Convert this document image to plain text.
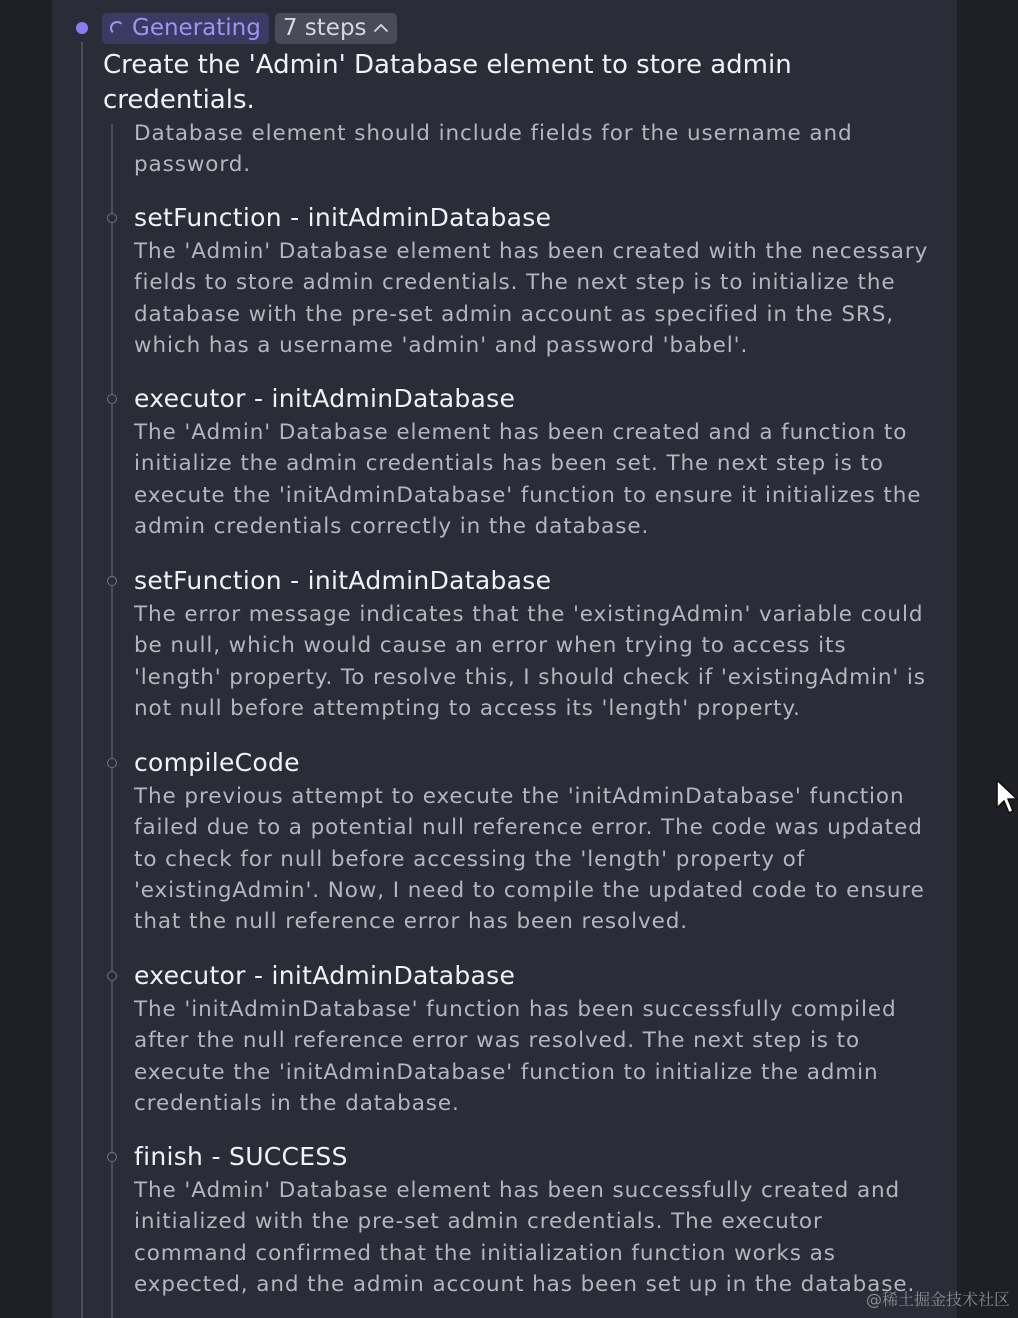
Generating 7 steps
Create the 'Admin' Database element to store admin credentials.

Database element should include fields for the username and password.

setFunction - initAdminDatabase

The 'Admin' Database element has been created with the necessary fields to store admin credentials. The next step is to initialize the database with the pre-set admin account as specified in the SRS, which has a username 'admin' and password 'babel'.

executor - initAdminDatabase

The 'Admin' Database element has been created and a function to initialize the admin credentials has been set. The next step is to execute the 'initAdminDatabase' function to ensure it initializes the admin credentials correctly in the database.

setFunction - initAdminDatabase

The error message indicates that the 'existingAdmin' variable could be null, which would cause an error when trying to access its 'length' property. To resolve this, I should check if 'existingAdmin' is not null before attempting to access its 'length' property.

compileCode

The previous attempt to execute the 'initAdminDatabase' function failed due to a potential null reference error. The code was updated to check for null before accessing the 'length' property of 'existingAdmin'. Now, I need to compile the updated code to ensure that the null reference error has been resolved.

executor - initAdminDatabase

The 'initAdminDatabase' function has been successfully compiled after the null reference error was resolved. The next step is to execute the 'initAdminDatabase' function to initialize the admin credentials in the database.

finish - SUCCESS

The 'Admin' Database element has been successfully created and initialized with the pre-set admin credentials. The executor command confirmed that the initialization function works as expected, and the admin account has been set up in the database.

@稀土掘金技术社区
